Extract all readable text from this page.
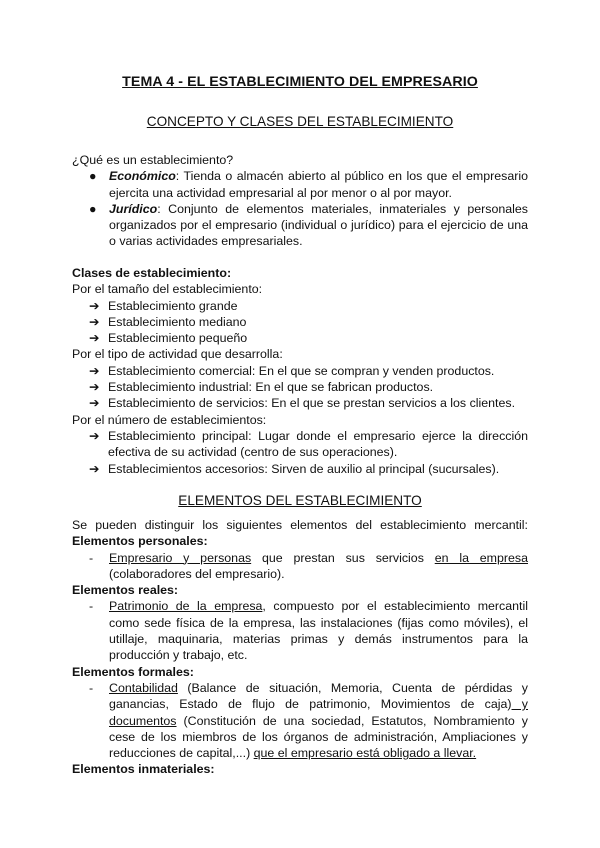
TEMA 4 - EL ESTABLECIMIENTO DEL EMPRESARIO
CONCEPTO Y CLASES DEL ESTABLECIMIENTO
¿Qué es un establecimiento?
● Económico: Tienda o almacén abierto al público en los que el empresario ejercita una actividad empresarial al por menor o al por mayor.
● Jurídico: Conjunto de elementos materiales, inmateriales y personales organizados por el empresario (individual o jurídico) para el ejercicio de una o varias actividades empresariales.
Clases de establecimiento:
Por el tamaño del establecimiento:
➔ Establecimiento grande
➔ Establecimiento mediano
➔ Establecimiento pequeño
Por el tipo de actividad que desarrolla:
➔ Establecimiento comercial: En el que se compran y venden productos.
➔ Establecimiento industrial: En el que se fabrican productos.
➔ Establecimiento de servicios: En el que se prestan servicios a los clientes.
Por el número de establecimientos:
➔ Establecimiento principal: Lugar donde el empresario ejerce la dirección efectiva de su actividad (centro de sus operaciones).
➔ Establecimientos accesorios: Sirven de auxilio al principal (sucursales).
ELEMENTOS DEL ESTABLECIMIENTO
Se pueden distinguir los siguientes elementos del establecimiento mercantil:
Elementos personales:
- Empresario y personas que prestan sus servicios en la empresa (colaboradores del empresario).
Elementos reales:
- Patrimonio de la empresa, compuesto por el establecimiento mercantil como sede física de la empresa, las instalaciones (fijas como móviles), el utillaje, maquinaria, materias primas y demás instrumentos para la producción y trabajo, etc.
Elementos formales:
- Contabilidad (Balance de situación, Memoria, Cuenta de pérdidas y ganancias, Estado de flujo de patrimonio, Movimientos de caja) y documentos (Constitución de una sociedad, Estatutos, Nombramiento y cese de los miembros de los órganos de administración, Ampliaciones y reducciones de capital,...) que el empresario está obligado a llevar.
Elementos inmateriales:
